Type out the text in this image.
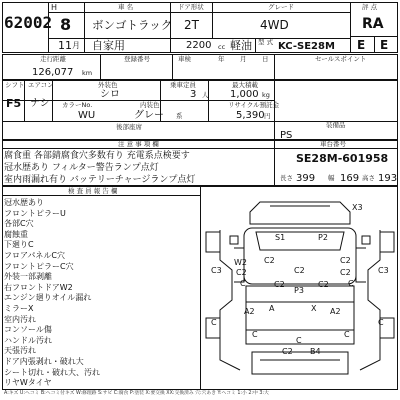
62002
H
8
11 月
車 名
ボンゴトラック
自家用	2200 cc
ドア形状
2T
グレード
4WD
軽油 型 式 KC-SE28M
評 点
RA
E E
走行距離
126,077 km
登録番号	車検	年 月 日	セールスポイント
シフト
F5
エアコン
ナシ
外装色
シロ
カラーNo.
WU
内装色
グレー 系
乗車定員
3 人
最大積載
1,000 kg
リサイクル預託金
5,390 円
装備品
PS
後部座席
注 意 事 項 欄	車台番号
腐食重 各部錆腐食穴多数有り 充電系点検要す
冠水歴あり フィルター警告ランプ点灯
室内雨漏れ有り バッテリーチャージランプ点灯
SE28M-601958
長さ 399 幅 169 高さ 193
検 査 員 報 告 欄
冠水歴あり
フロントピラーU
各部C穴
腐蝕重
下廻りC
フロアパネルC穴
フロントピラーC穴
外装一部剥離
右フロントドアW2
エンジン廻りオイル漏れ
ミラーX
室内汚れ
コンソール傷
ハンドル汚れ
天張汚れ
ドア内張剥れ・破れ大
シート切れ・破れ大、汚れ
リヤWタイヤ
X3
S1	P2
W2 C2
C2
C2
C3	C3
C2	C2
C	C
C2	C2
P3
A	X
A2	A2
C	C
C	C
C
C2 B4
A:キズ U:ヘコミ B:ヘコミ付キズ W:修理跡 S:サビ C:腐食 P:塗装 X:要交換 XX:交換済み 穴:穴あき Y:ヘコミ 1:小 2:中 3:大
